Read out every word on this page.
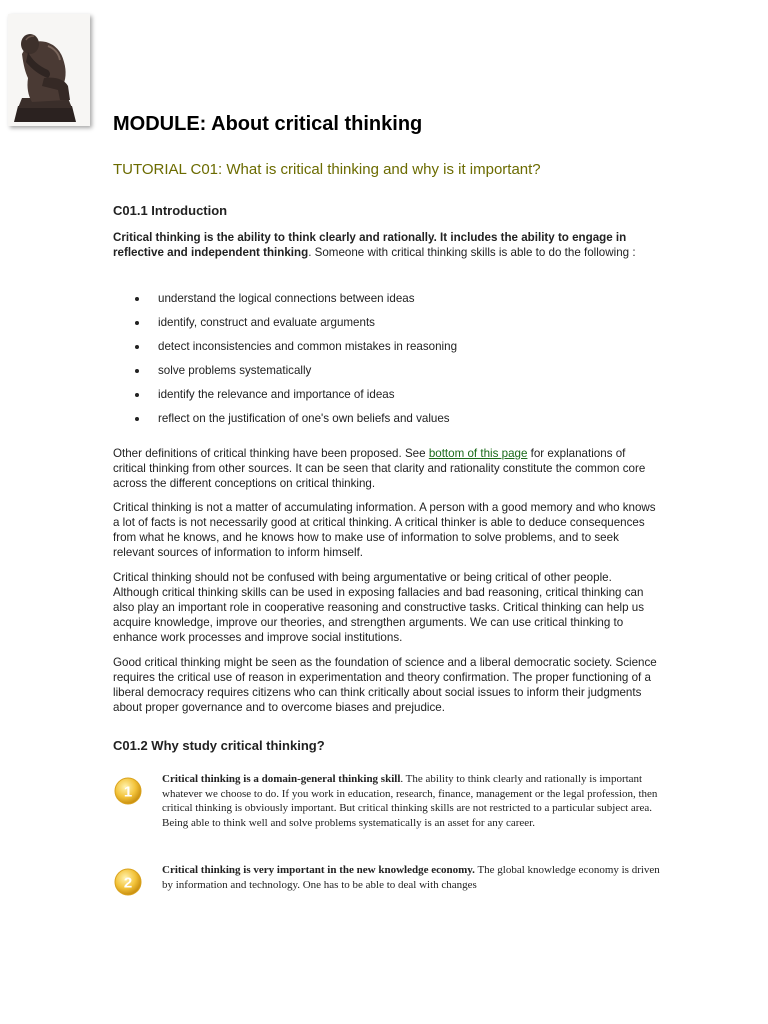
MODULE: About critical thinking
TUTORIAL C01: What is critical thinking and why is it important?
C01.1 Introduction

Critical thinking is the ability to think clearly and rationally. It includes the ability to engage in reflective and independent thinking. Someone with critical thinking skills is able to do the following :

understand the logical connections between ideas
identify, construct and evaluate arguments
detect inconsistencies and common mistakes in reasoning
solve problems systematically
identify the relevance and importance of ideas
reflect on the justification of one's own beliefs and values

Other definitions of critical thinking have been proposed. See bottom of this page for explanations of critical thinking from other sources. It can be seen that clarity and rationality constitute the common core across the different conceptions on critical thinking.

Critical thinking is not a matter of accumulating information. A person with a good memory and who knows a lot of facts is not necessarily good at critical thinking. A critical thinker is able to deduce consequences from what he knows, and he knows how to make use of information to solve problems, and to seek relevant sources of information to inform himself.

Critical thinking should not be confused with being argumentative or being critical of other people. Although critical thinking skills can be used in exposing fallacies and bad reasoning, critical thinking can also play an important role in cooperative reasoning and constructive tasks. Critical thinking can help us acquire knowledge, improve our theories, and strengthen arguments. We can use critical thinking to enhance work processes and improve social institutions.

Good critical thinking might be seen as the foundation of science and a liberal democratic society. Science requires the critical use of reason in experimentation and theory confirmation. The proper functioning of a liberal democracy requires citizens who can think critically about social issues to inform their judgments about proper governance and to overcome biases and prejudice.

C01.2 Why study critical thinking?
1

Critical thinking is a domain-general thinking skill. The ability to think clearly and rationally is important whatever we choose to do. If you work in education, research, finance, management or the legal profession, then critical thinking is obviously important. But critical thinking skills are not restricted to a particular subject area. Being able to think well and solve problems systematically is an asset for any career.

2

Critical thinking is very important in the new knowledge economy. The global knowledge economy is driven by information and technology. One has to be able to deal with changes
